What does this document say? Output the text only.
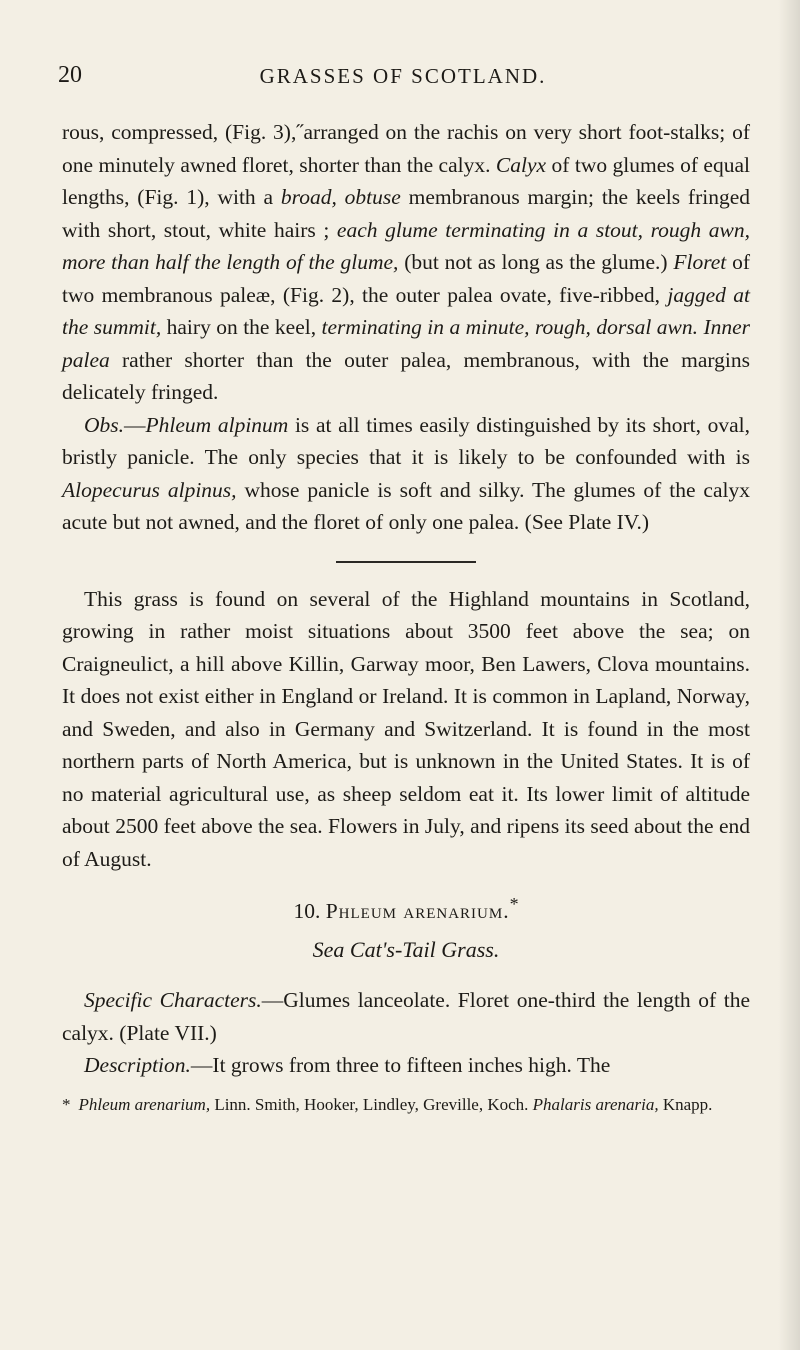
20	GRASSES OF SCOTLAND.

rous, compressed, (Fig. 3),˝arranged on the rachis on very short foot-stalks; of one minutely awned floret, shorter than the calyx. Calyx of two glumes of equal lengths, (Fig. 1), with a broad, obtuse membranous margin; the keels fringed with short, stout, white hairs ; each glume terminating in a stout, rough awn, more than half the length of the glume, (but not as long as the glume.) Floret of two membranous paleæ, (Fig. 2), the outer palea ovate, five-ribbed, jagged at the summit, hairy on the keel, terminating in a minute, rough, dorsal awn. Inner palea rather shorter than the outer palea, membranous, with the margins delicately fringed.

Obs.—Phleum alpinum is at all times easily distinguished by its short, oval, bristly panicle. The only species that it is likely to be confounded with is Alopecurus alpinus, whose panicle is soft and silky. The glumes of the calyx acute but not awned, and the floret of only one palea. (See Plate IV.)

This grass is found on several of the Highland mountains in Scotland, growing in rather moist situations about 3500 feet above the sea; on Craigneulict, a hill above Killin, Garway moor, Ben Lawers, Clova mountains. It does not exist either in England or Ireland. It is common in Lapland, Norway, and Sweden, and also in Germany and Switzerland. It is found in the most northern parts of North America, but is unknown in the United States. It is of no material agricultural use, as sheep seldom eat it. Its lower limit of altitude about 2500 feet above the sea. Flowers in July, and ripens its seed about the end of August.

10. Phleum arenarium.*
Sea Cat's-Tail Grass.

Specific Characters.—Glumes lanceolate. Floret one-third the length of the calyx. (Plate VII.)

Description.—It grows from three to fifteen inches high. The

* Phleum arenarium, Linn. Smith, Hooker, Lindley, Greville, Koch. Phalaris arenaria, Knapp.
